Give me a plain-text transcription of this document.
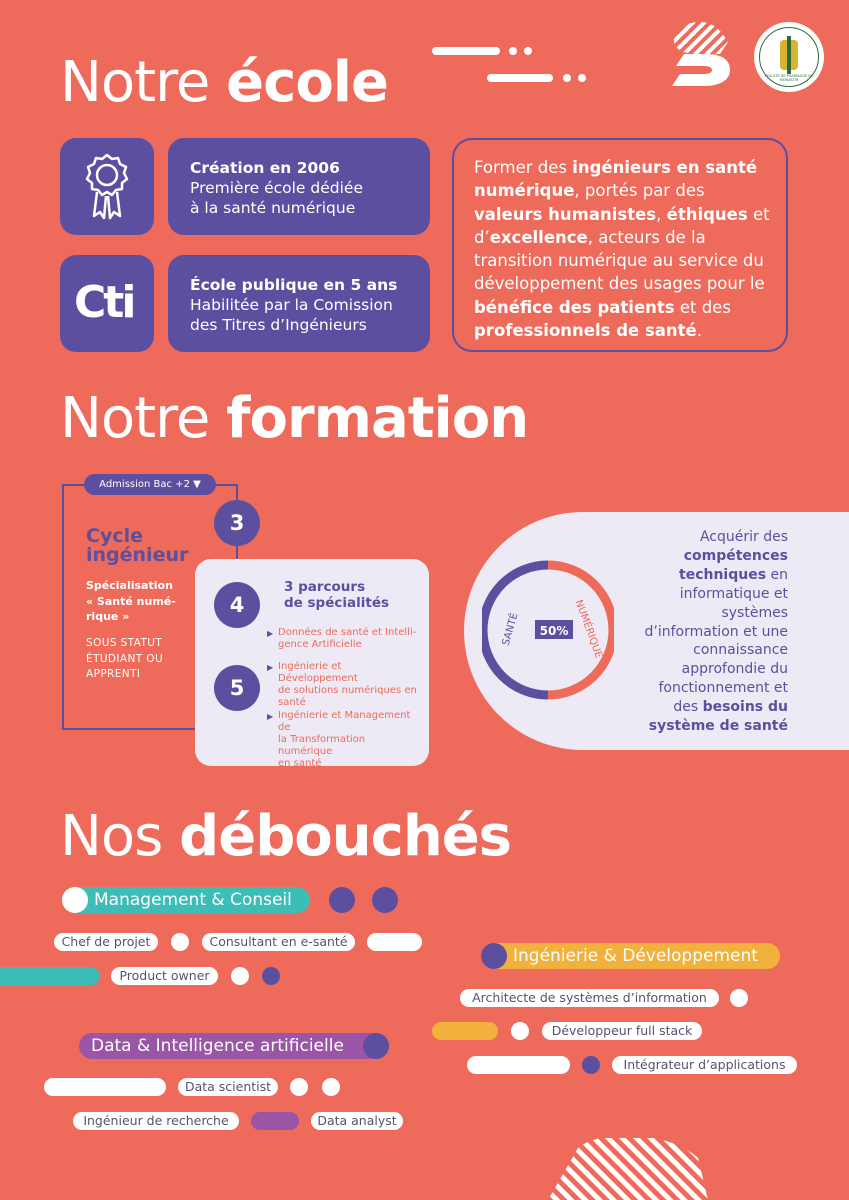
Notre école	FACULTÉ DE PHARMACIE DE MONASTIR
Création en 2006
Première école dédiée
à la santé numérique
Cti	École publique en 5 ans
Habilitée par la Comission
des Titres d’Ingénieurs

Former des ingénieurs en santé numérique, portés par des valeurs humanistes, éthiques et d’excellence, acteurs de la transition numérique au service du développement des usages pour le bénéfice des patients et des professionnels de santé.

Notre formation
Admission Bac +2 ▼
Cycle
ingénieur
Spécialisation
« Santé numé-
rique »
SOUS STATUT
ÉTUDIANT OU
APPRENTI
3
4
5
3 parcours
de spécialités
▶ Données de santé et Intelli-
gence Artificielle
▶ Ingénierie et Développement
de solutions numériques en
santé
▶ Ingénierie et Management de
la Transformation numérique
en santé
50%
SANTÉ	NUMÉRIQUE
Acquérir des
compétences
techniques en
informatique et
systèmes
d’information et une
connaissance
approfondie du
fonctionnement et
des besoins du
système de santé
Nos débouchés
Management & Conseil
Chef de projet	Consultant en e-santé
Product owner
Ingénierie & Développement
Architecte de systèmes d’information
Développeur full stack
Intégrateur d’applications
Data & Intelligence artificielle
Data scientist
Ingénieur de recherche	Data analyst
